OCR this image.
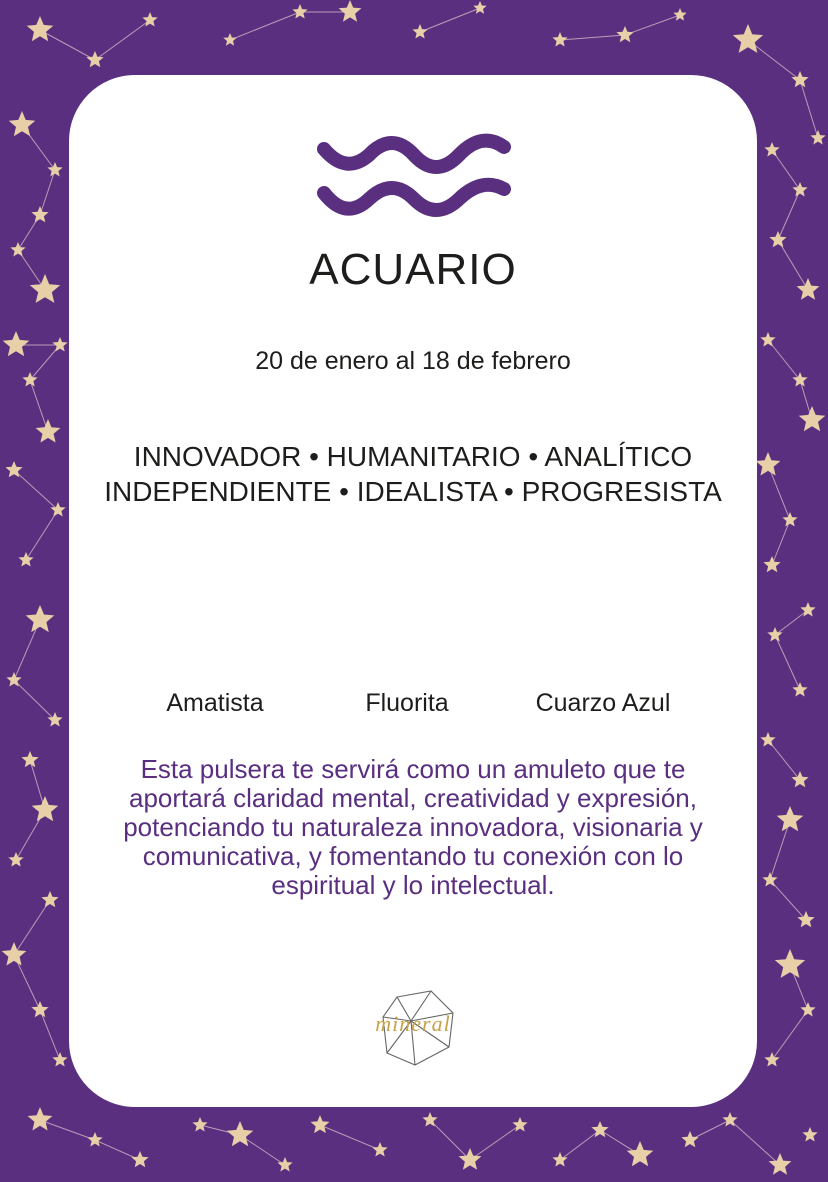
ACUARIO
20 de enero al 18 de febrero
INNOVADOR • HUMANITARIO • ANALÍTICO
INDEPENDIENTE • IDEALISTA • PROGRESISTA
Amatista	Fluorita	Cuarzo Azul
Esta pulsera te servirá como un amuleto que te aportará claridad mental, creatividad y expresión, potenciando tu naturaleza innovadora, visionaria y comunicativa, y fomentando tu conexión con lo espiritual y lo intelectual.
mineral
